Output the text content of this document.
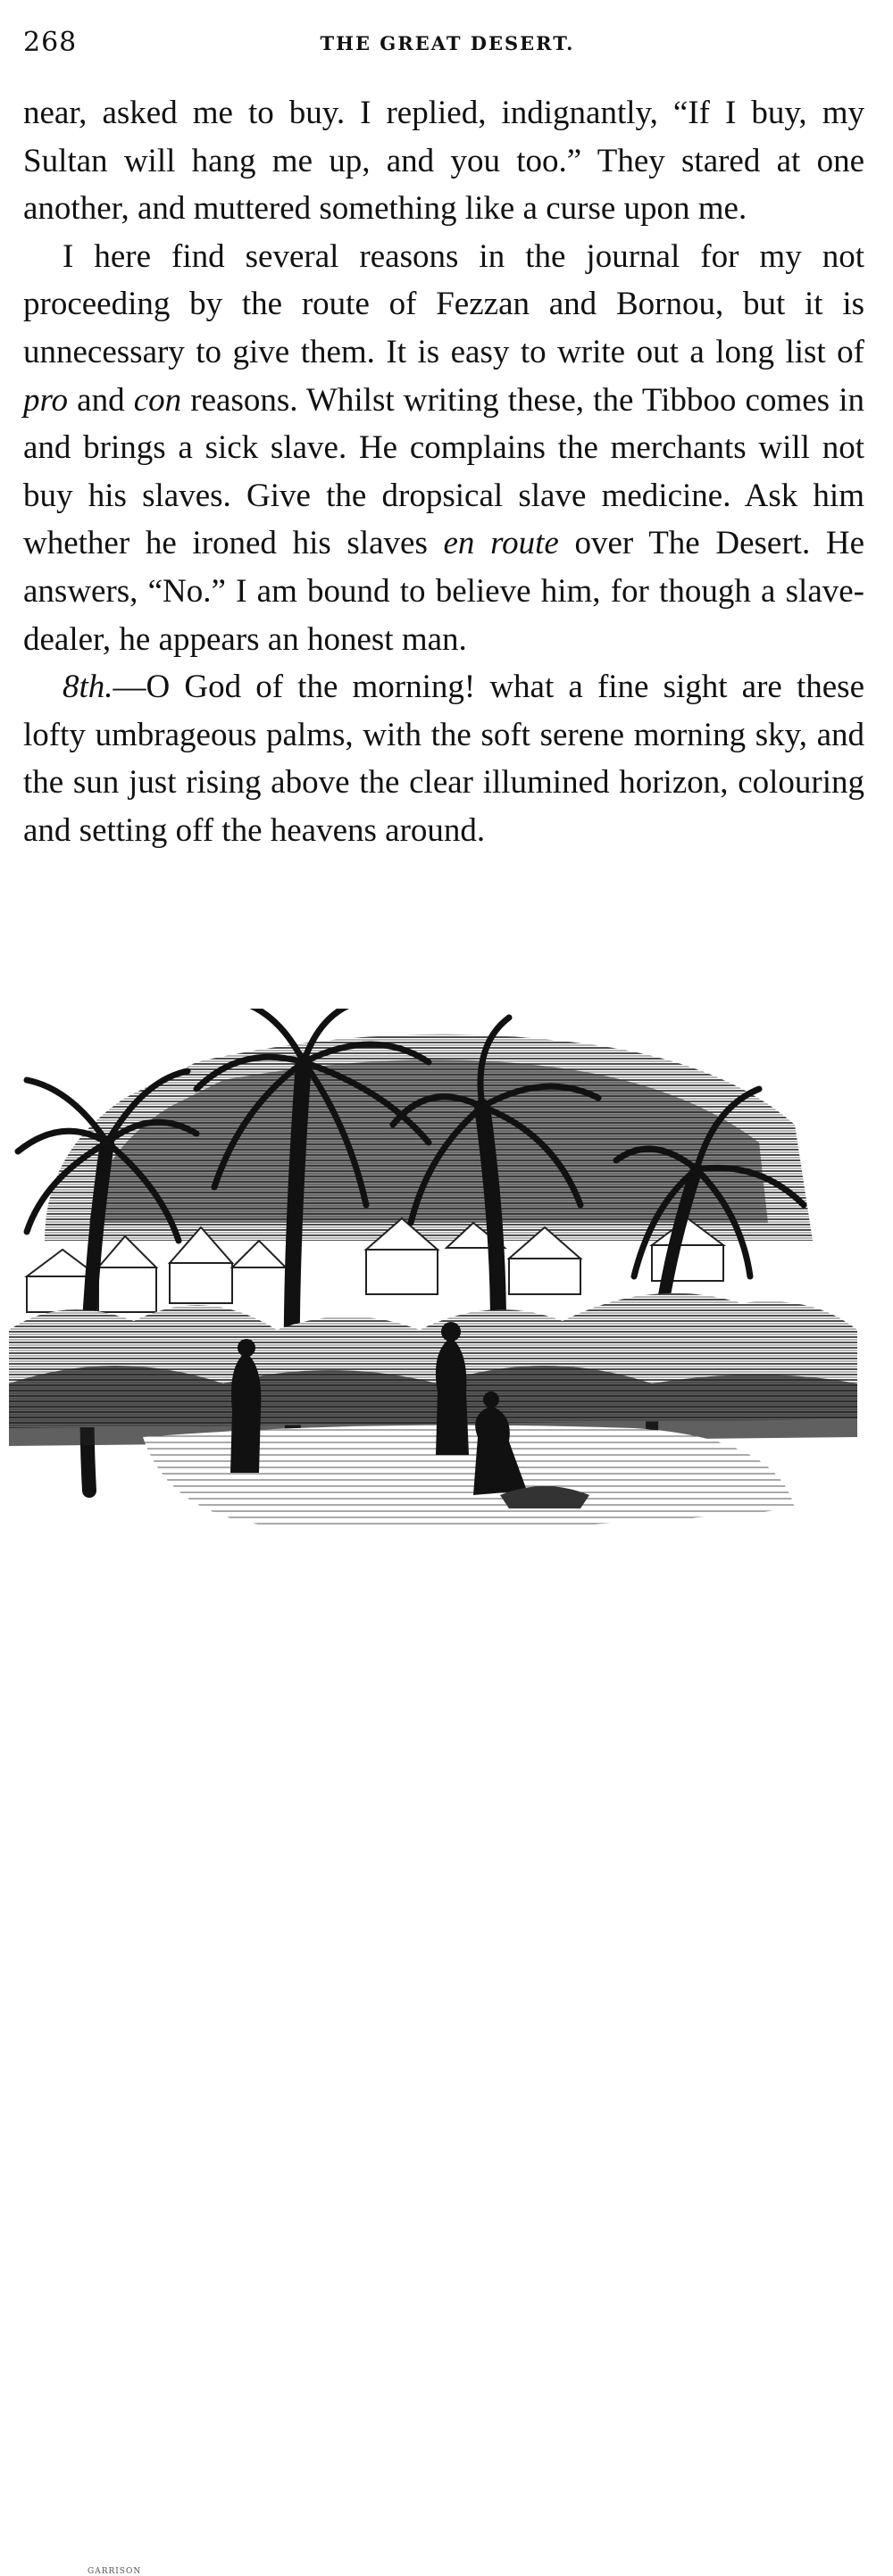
268	THE GREAT DESERT.

near, asked me to buy. I replied, indignantly, “If I buy, my Sultan will hang me up, and you too.” They stared at one another, and muttered something like a curse upon me.

I here find several reasons in the journal for my not proceeding by the route of Fezzan and Bornou, but it is unnecessary to give them. It is easy to write out a long list of pro and con reasons. Whilst writing these, the Tibboo comes in and brings a sick slave. He complains the merchants will not buy his slaves. Give the dropsical slave medicine. Ask him whether he ironed his slaves en route over The Desert. He answers, “No.” I am bound to believe him, for though a slave-dealer, he appears an honest man.

8th.—O God of the morning! what a fine sight are these lofty umbrageous palms, with the soft serene morning sky, and the sun just rising above the clear illumined horizon, colouring and setting off the heavens around.

GARRISON
